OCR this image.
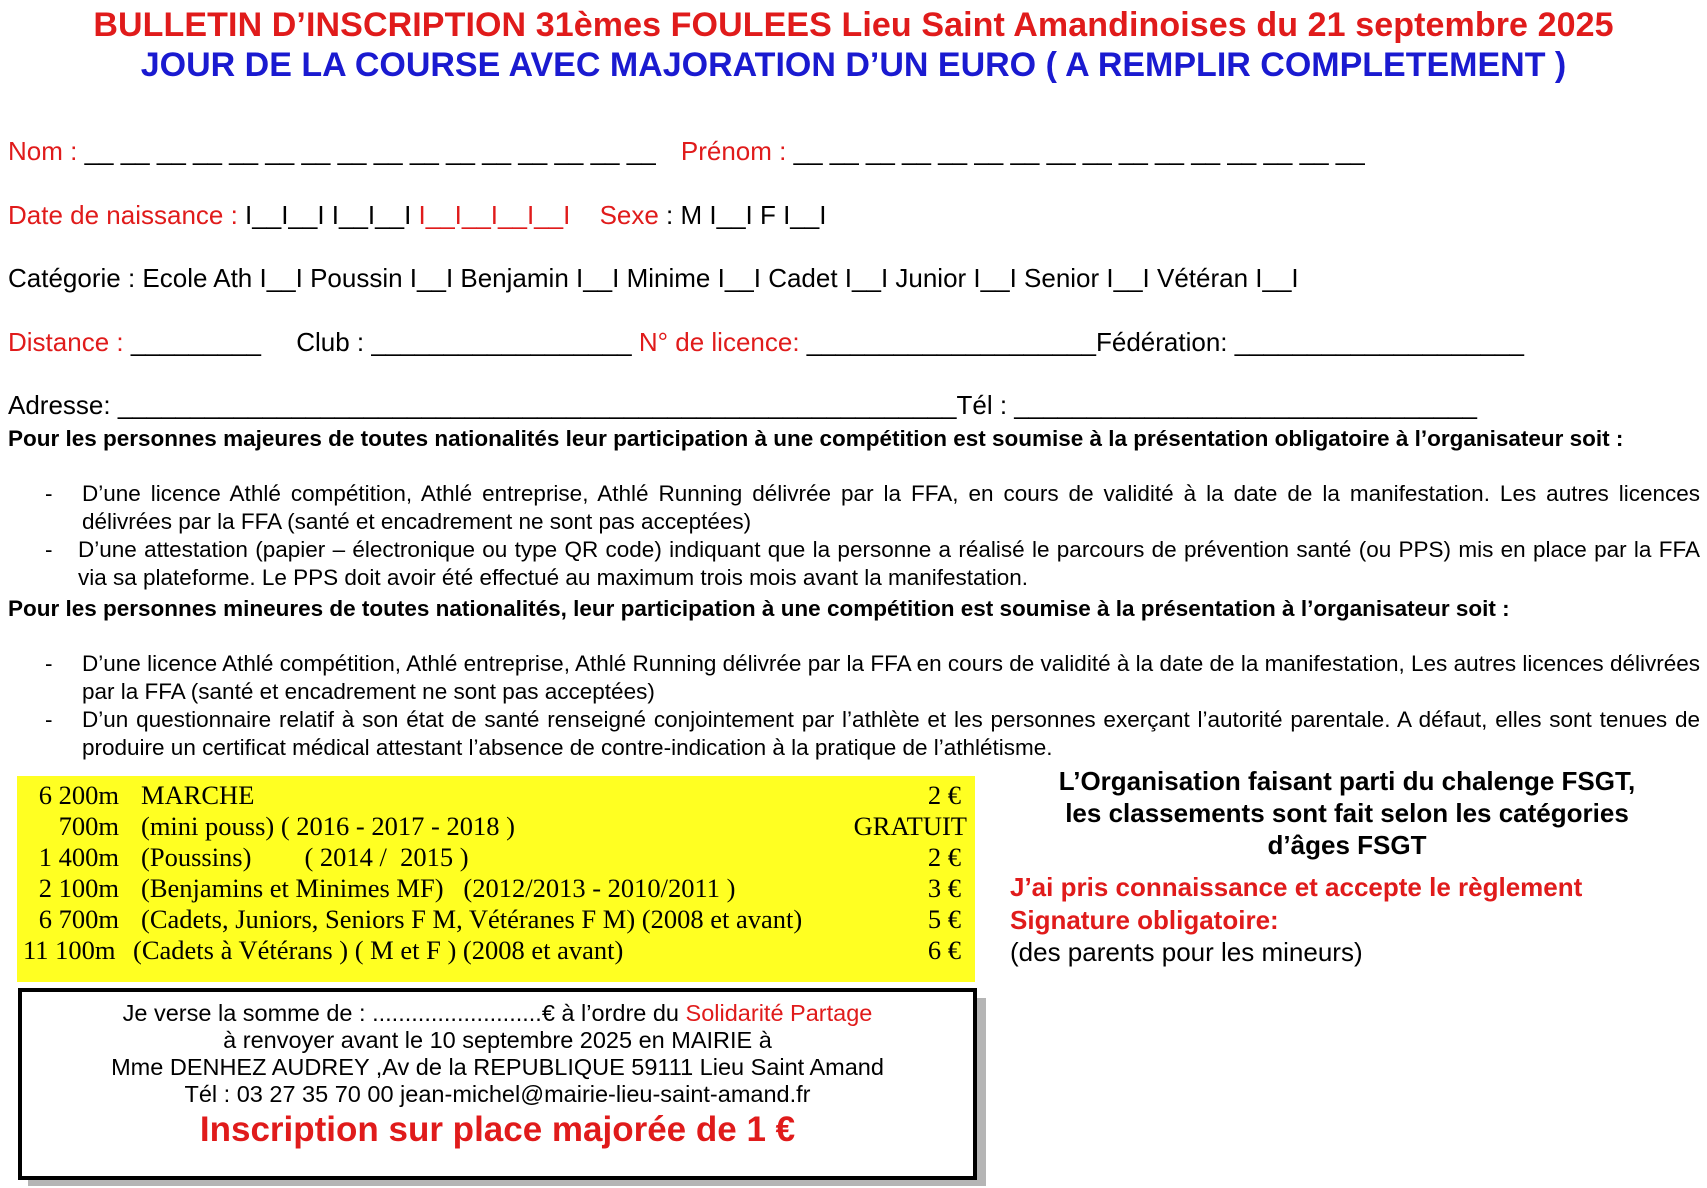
BULLETIN D’INSCRIPTION 31èmes FOULEES Lieu Saint Amandinoises du 21 septembre 2025
JOUR DE LA COURSE AVEC MAJORATION D’UN EURO ( A REMPLIR COMPLETEMENT )
Nom : __ __ __ __ __ __ __ __ __ __ __ __ __ __ __ __ Prénom : __ __ __ __ __ __ __ __ __ __ __ __ __ __ __ __
Date de naissance : I__I__I I__I__I I__I__I__I__I Sexe : M I__I F I__I
Catégorie : Ecole Ath I__I Poussin I__I Benjamin I__I Minime I__I Cadet I__I Junior I__I Senior I__I Vétéran I__I
Distance : _________ Club : __________________ N° de licence: ____________________Fédération: ____________________
Adresse: __________________________________________________________Tél : ________________________________
Pour les personnes majeures de toutes nationalités leur participation à une compétition est soumise à la présentation obligatoire à l’organisateur soit :
- D’une licence Athlé compétition, Athlé entreprise, Athlé Running délivrée par la FFA, en cours de validité à la date de la manifestation. Les autres licences délivrées par la FFA (santé et encadrement ne sont pas acceptées)
- D’une attestation (papier – électronique ou type QR code) indiquant que la personne a réalisé le parcours de prévention santé (ou PPS) mis en place par la FFA via sa plateforme. Le PPS doit avoir été effectué au maximum trois mois avant la manifestation.
Pour les personnes mineures de toutes nationalités, leur participation à une compétition est soumise à la présentation à l’organisateur soit :
- D’une licence Athlé compétition, Athlé entreprise, Athlé Running délivrée par la FFA en cours de validité à la date de la manifestation, Les autres licences délivrées par la FFA (santé et encadrement ne sont pas acceptées)
- D’un questionnaire relatif à son état de santé renseigné conjointement par l’athlète et les personnes exerçant l’autorité parentale. A défaut, elles sont tenues de produire un certificat médical attestant l’absence de contre-indication à la pratique de l’athlétisme.
6 200m MARCHE	2 €
700m (mini pouss) ( 2016 - 2017 - 2018 )	GRATUIT
1 400m (Poussins)        ( 2014 /  2015 )	2 €
2 100m (Benjamins et Minimes MF)   (2012/2013 - 2010/2011 )	3 €
6 700m (Cadets, Juniors, Seniors F M, Vétéranes F M) (2008 et avant)	5 €
11 100m (Cadets à Vétérans ) ( M et F ) (2008 et avant)	6 €
L’Organisation faisant parti du chalenge FSGT,
les classements sont fait selon les catégories
d’âges FSGT
J’ai pris connaissance et accepte le règlement
Signature obligatoire:
(des parents pour les mineurs)
Je verse la somme de : ..........................€ à l’ordre du Solidarité Partage
à renvoyer avant le 10 septembre 2025 en MAIRIE à
Mme DENHEZ AUDREY ,Av de la REPUBLIQUE 59111 Lieu Saint Amand
Tél : 03 27 35 70 00 jean-michel@mairie-lieu-saint-amand.fr
Inscription sur place majorée de 1 €
